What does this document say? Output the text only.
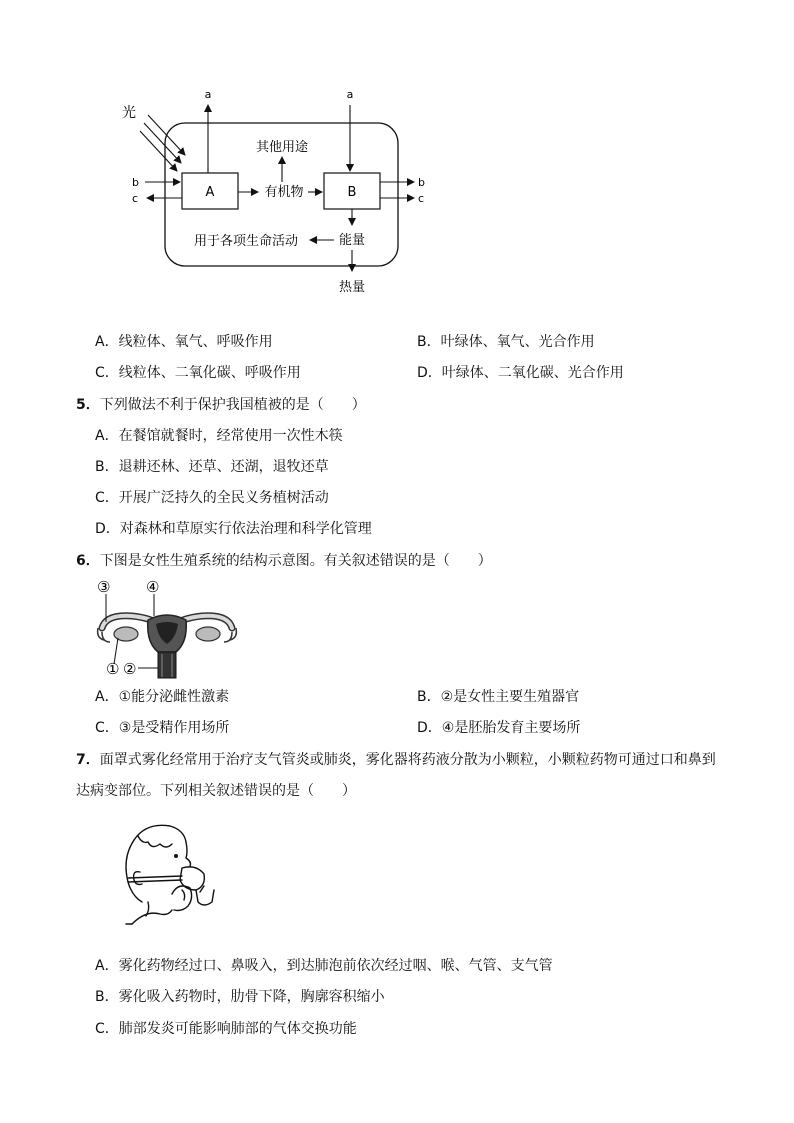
光
A
a
b
c
其他用途
有机物	B
a
b
c
能量
用于各项生命活动
热量
A．线粒体、氧气、呼吸作用	B．叶绿体、氧气、光合作用
C．线粒体、二氧化碳、呼吸作用	D．叶绿体、二氧化碳、光合作用
5．下列做法不利于保护我国植被的是（　　）
A．在餐馆就餐时，经常使用一次性木筷
B．退耕还林、还草、还湖，退牧还草
C．开展广泛持久的全民义务植树活动
D．对森林和草原实行依法治理和科学化管理
6．下图是女性生殖系统的结构示意图。有关叙述错误的是（　　）
③ ④
① ②
A．①能分泌雌性激素	B．②是女性主要生殖器官
C．③是受精作用场所	D．④是胚胎发育主要场所
7．面罩式雾化经常用于治疗支气管炎或肺炎，雾化器将药液分散为小颗粒，小颗粒药物可通过口和鼻到
达病变部位。下列相关叙述错误的是（　　）
A．雾化药物经过口、鼻吸入，到达肺泡前依次经过咽、喉、气管、支气管
B．雾化吸入药物时，肋骨下降，胸廓容积缩小
C．肺部发炎可能影响肺部的气体交换功能
